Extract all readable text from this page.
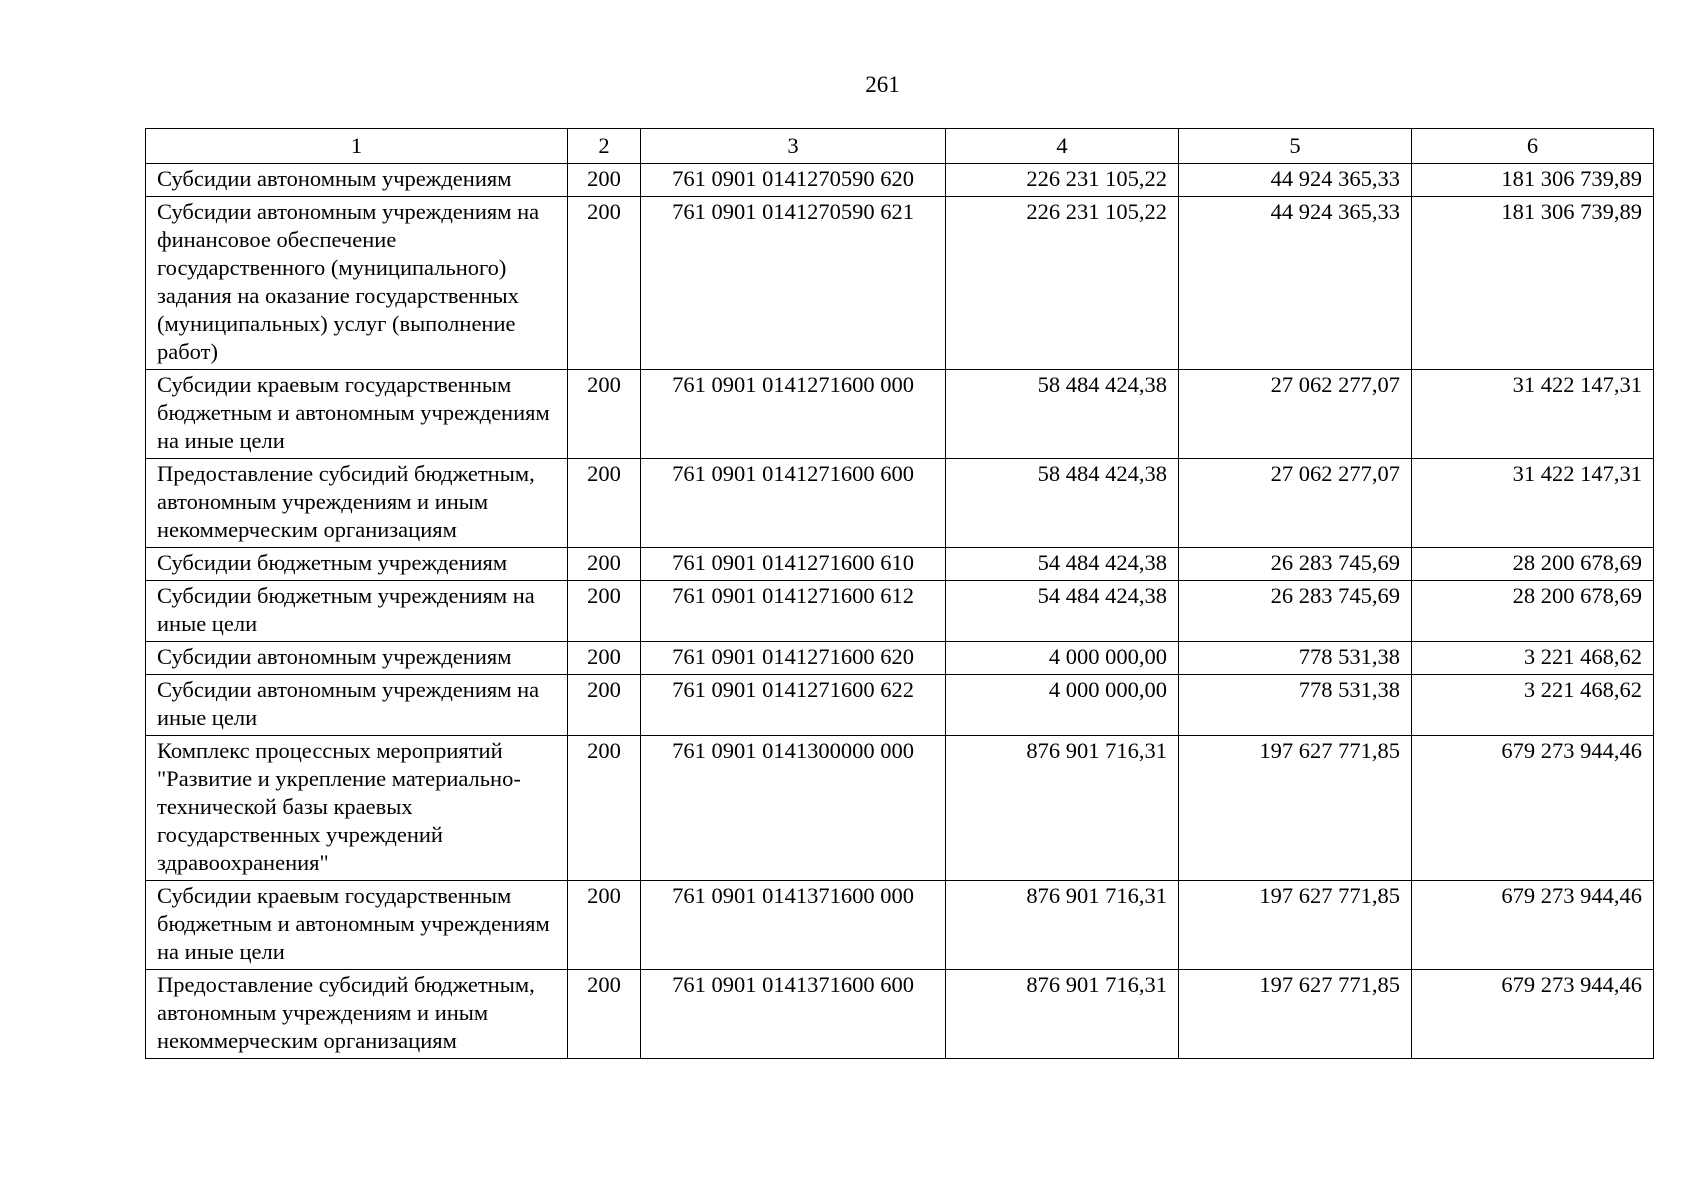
261
1	2	3	4	5	6
Субсидии автономным учреждениям	200	761 0901 0141270590 620	226 231 105,22	44 924 365,33	181 306 739,89
Субсидии автономным учреждениям на финансовое обеспечение государственного (муниципального) задания на оказание государственных (муниципальных) услуг (выполнение работ)	200	761 0901 0141270590 621	226 231 105,22	44 924 365,33	181 306 739,89
Субсидии краевым государственным бюджетным и автономным учреждениям на иные цели	200	761 0901 0141271600 000	58 484 424,38	27 062 277,07	31 422 147,31
Предоставление субсидий бюджетным, автономным учреждениям и иным некоммерческим организациям	200	761 0901 0141271600 600	58 484 424,38	27 062 277,07	31 422 147,31
Субсидии бюджетным учреждениям	200	761 0901 0141271600 610	54 484 424,38	26 283 745,69	28 200 678,69
Субсидии бюджетным учреждениям на иные цели	200	761 0901 0141271600 612	54 484 424,38	26 283 745,69	28 200 678,69
Субсидии автономным учреждениям	200	761 0901 0141271600 620	4 000 000,00	778 531,38	3 221 468,62
Субсидии автономным учреждениям на иные цели	200	761 0901 0141271600 622	4 000 000,00	778 531,38	3 221 468,62
Комплекс процессных мероприятий "Развитие и укрепление материально-технической базы краевых государственных учреждений здравоохранения"	200	761 0901 0141300000 000	876 901 716,31	197 627 771,85	679 273 944,46
Субсидии краевым государственным бюджетным и автономным учреждениям на иные цели	200	761 0901 0141371600 000	876 901 716,31	197 627 771,85	679 273 944,46
Предоставление субсидий бюджетным, автономным учреждениям и иным некоммерческим организациям	200	761 0901 0141371600 600	876 901 716,31	197 627 771,85	679 273 944,46
